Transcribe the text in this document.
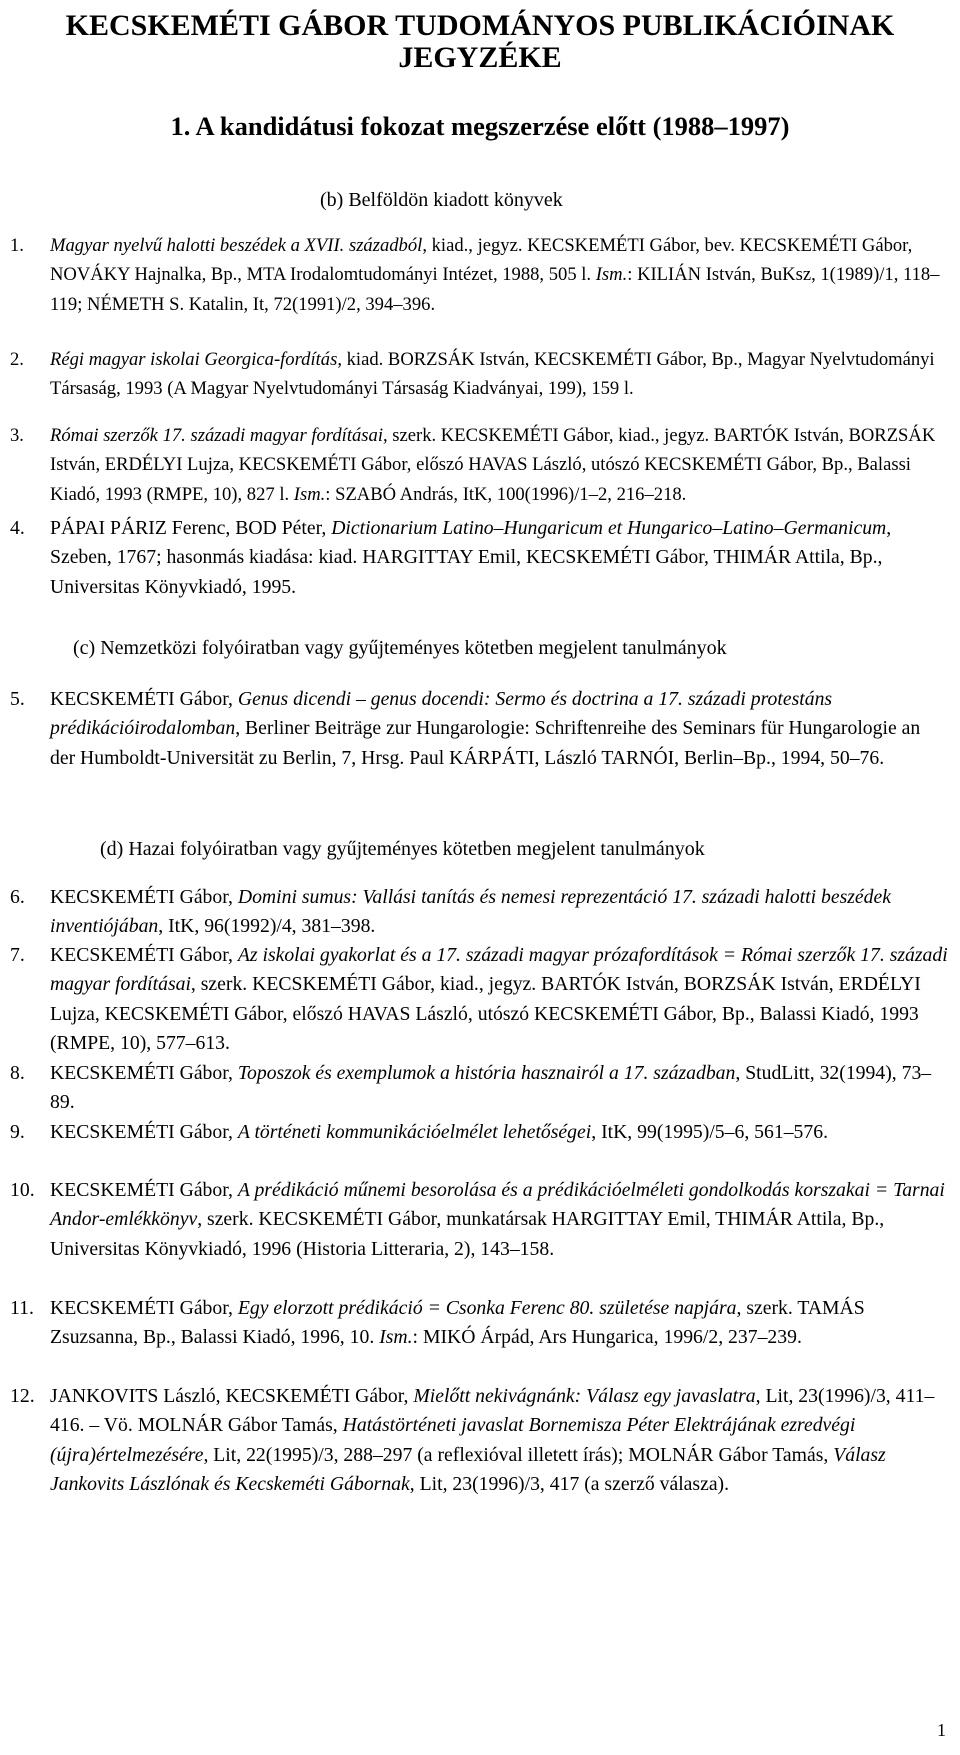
KECSKEMÉTI GÁBOR TUDOMÁNYOS PUBLIKÁCIÓINAK
JEGYZÉKE
1. A kandidátusi fokozat megszerzése előtt (1988–1997)
(b) Belföldön kiadott könyvek
1. Magyar nyelvű halotti beszédek a XVII. századból, kiad., jegyz. KECSKEMÉTI Gábor, bev. KECSKEMÉTI Gábor, NOVÁKY Hajnalka, Bp., MTA Irodalomtudományi Intézet, 1988, 505 l. Ism.: KILIÁN István, BuKsz, 1(1989)/1, 118–119; NÉMETH S. Katalin, It, 72(1991)/2, 394–396.
2. Régi magyar iskolai Georgica-fordítás, kiad. BORZSÁK István, KECSKEMÉTI Gábor, Bp., Magyar Nyelvtudományi Társaság, 1993 (A Magyar Nyelvtudományi Társaság Kiadványai, 199), 159 l.
3. Római szerzők 17. századi magyar fordításai, szerk. KECSKEMÉTI Gábor, kiad., jegyz. BARTÓK István, BORZSÁK István, ERDÉLYI Lujza, KECSKEMÉTI Gábor, előszó HAVAS László, utószó KECSKEMÉTI Gábor, Bp., Balassi Kiadó, 1993 (RMPE, 10), 827 l. Ism.: SZABÓ András, ItK, 100(1996)/1–2, 216–218.
4. PÁPAI PÁRIZ Ferenc, BOD Péter, Dictionarium Latino–Hungaricum et Hungarico–Latino–Germanicum, Szeben, 1767; hasonmás kiadása: kiad. HARGITTAY Emil, KECSKEMÉTI Gábor, THIMÁR Attila, Bp., Universitas Könyvkiadó, 1995.
(c) Nemzetközi folyóiratban vagy gyűjteményes kötetben megjelent tanulmányok
5. KECSKEMÉTI Gábor, Genus dicendi – genus docendi: Sermo és doctrina a 17. századi protestáns prédikációirodalomban, Berliner Beiträge zur Hungarologie: Schriftenreihe des Seminars für Hungarologie an der Humboldt-Universität zu Berlin, 7, Hrsg. Paul KÁRPÁTI, László TARNÓI, Berlin–Bp., 1994, 50–76.
(d) Hazai folyóiratban vagy gyűjteményes kötetben megjelent tanulmányok
6. KECSKEMÉTI Gábor, Domini sumus: Vallási tanítás és nemesi reprezentáció 17. századi halotti beszédek inventiójában, ItK, 96(1992)/4, 381–398.
7. KECSKEMÉTI Gábor, Az iskolai gyakorlat és a 17. századi magyar prózafordítások = Római szerzők 17. századi magyar fordításai, szerk. KECSKEMÉTI Gábor, kiad., jegyz. BARTÓK István, BORZSÁK István, ERDÉLYI Lujza, KECSKEMÉTI Gábor, előszó HAVAS László, utószó KECSKEMÉTI Gábor, Bp., Balassi Kiadó, 1993 (RMPE, 10), 577–613.
8. KECSKEMÉTI Gábor, Toposzok és exemplumok a história hasznairól a 17. században, StudLitt, 32(1994), 73–89.
9. KECSKEMÉTI Gábor, A történeti kommunikációelmélet lehetőségei, ItK, 99(1995)/5–6, 561–576.
10. KECSKEMÉTI Gábor, A prédikáció műnemi besorolása és a prédikációelméleti gondolkodás korszakai = Tarnai Andor-emlékkönyv, szerk. KECSKEMÉTI Gábor, munkatársak HARGITTAY Emil, THIMÁR Attila, Bp., Universitas Könyvkiadó, 1996 (Historia Litteraria, 2), 143–158.
11. KECSKEMÉTI Gábor, Egy elorzott prédikáció = Csonka Ferenc 80. születése napjára, szerk. TAMÁS Zsuzsanna, Bp., Balassi Kiadó, 1996, 10. Ism.: MIKÓ Árpád, Ars Hungarica, 1996/2, 237–239.
12. JANKOVITS László, KECSKEMÉTI Gábor, Mielőtt nekivágnánk: Válasz egy javaslatra, Lit, 23(1996)/3, 411–416. – Vö. MOLNÁR Gábor Tamás, Hatástörténeti javaslat Bornemisza Péter Elektrájának ezredvégi (újra)értelmezésére, Lit, 22(1995)/3, 288–297 (a reflexióval illetett írás); MOLNÁR Gábor Tamás, Válasz Jankovits Lászlónak és Kecskeméti Gábornak, Lit, 23(1996)/3, 417 (a szerző válasza).
1
